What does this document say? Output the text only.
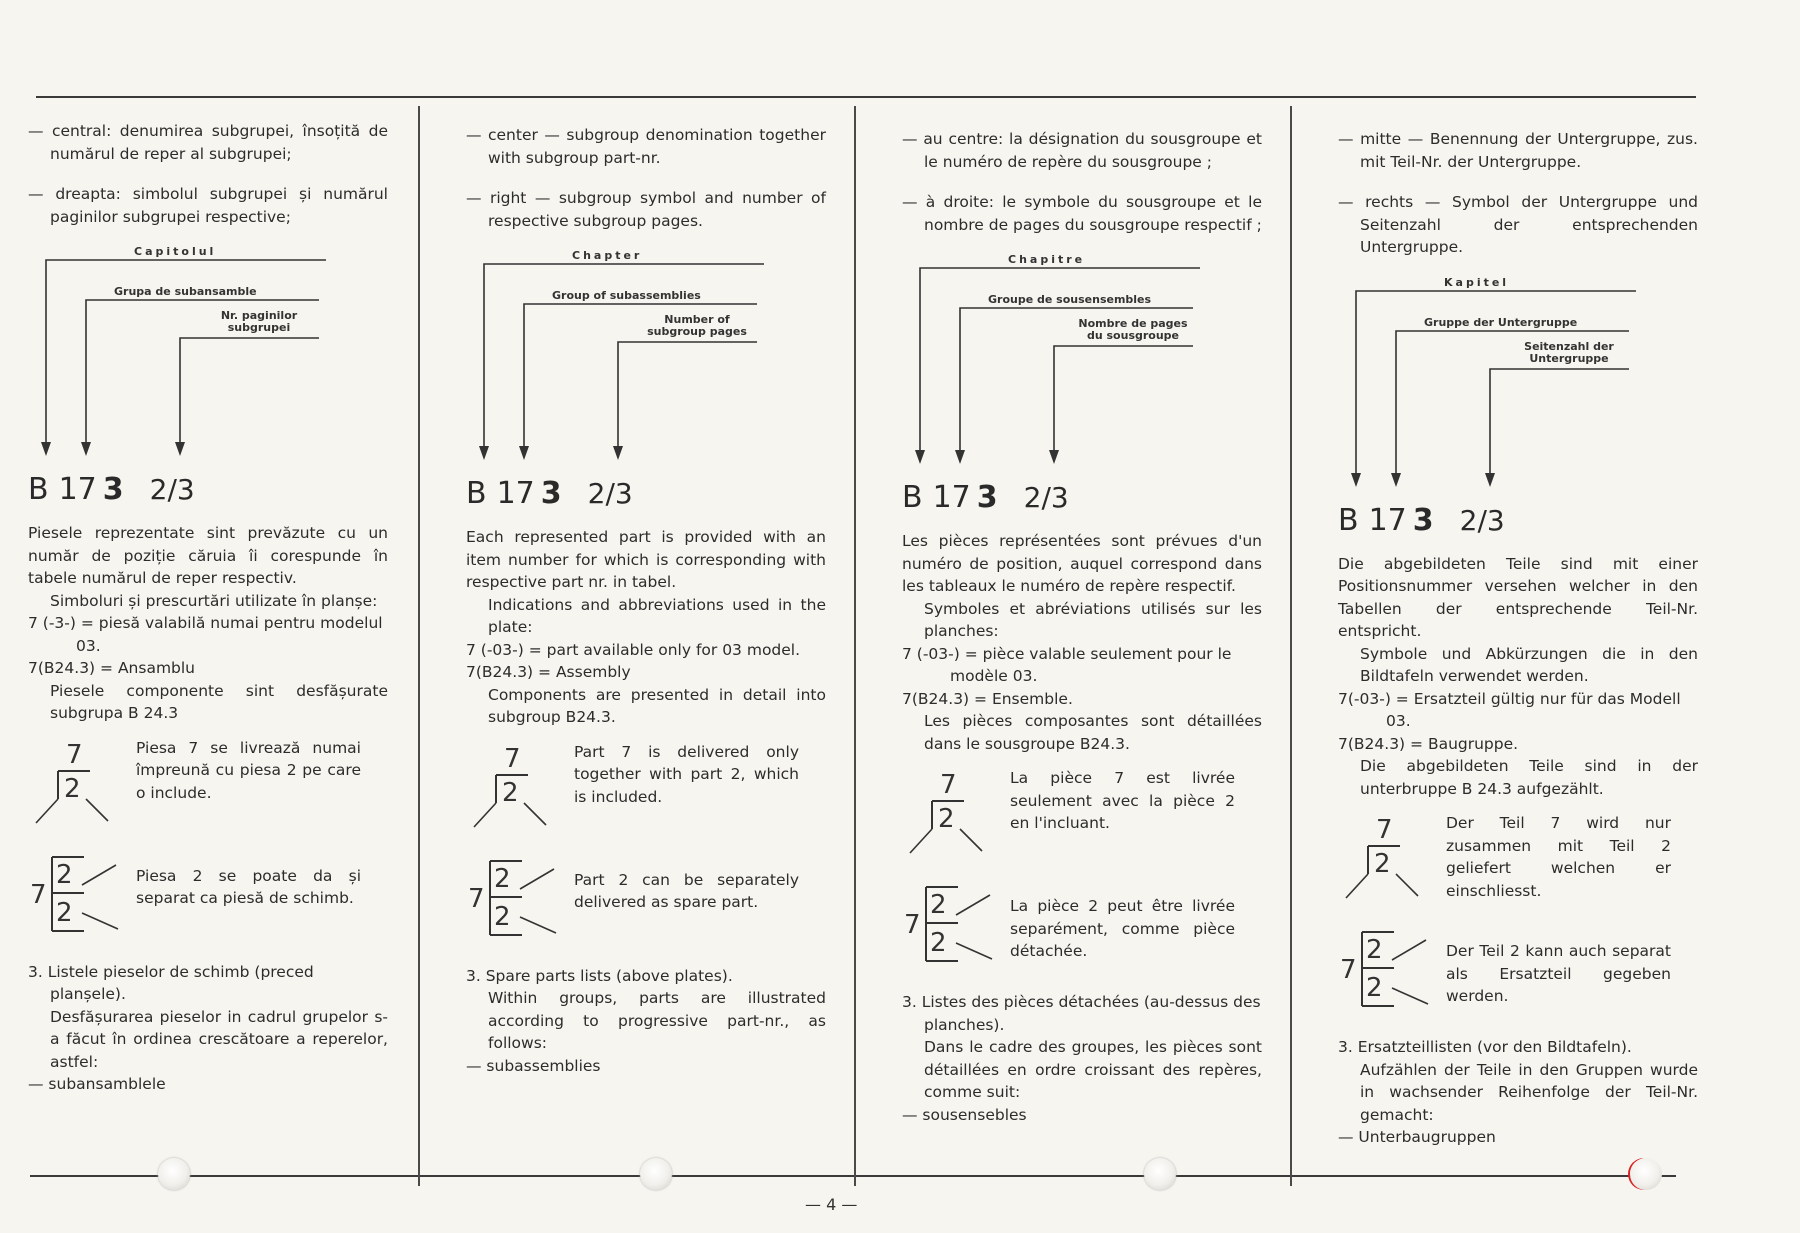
— 4 —

— central: denumirea subgrupei, însoțită de numărul de reper al subgrupei;

— dreapta: simbolul subgrupei și numărul paginilor subgrupei respective;

Capitolul
Grupa de subansamble
Nr. paginilor subgrupei
B 17 3 2/3

Piesele reprezentate sint prevăzute cu un număr de poziție căruia îi corespunde în tabele numărul de reper respectiv.

Simboluri și prescurtări utilizate în planșe:

7 (-3-) = piesă valabilă numai pentru modelul 03.

7(B24.3) = Ansamblu

Piesele componente sint desfășurate subgrupa B 24.3

7
2
Piesa 7 se livrează numai împreună cu piesa 2 pe care o include.
7
2
2
Piesa 2 se poate da și separat ca piesă de schimb.

3. Listele pieselor de schimb (preced planșele).

Desfășurarea pieselor in cadrul grupelor s-a făcut în ordinea crescătoare a reperelor, astfel:

— subansamblele

— center — subgroup denomination together with subgroup part-nr.

— right — subgroup symbol and number of respective subgroup pages.

Chapter
Group of subassemblies
Number of subgroup pages
B 17 3 2/3

Each represented part is provided with an item number for which is corresponding with respective part nr. in tabel.

Indications and abbreviations used in the plate:

7 (-03-) = part available only for 03 model.

7(B24.3) = Assembly

Components are presented in detail into subgroup B24.3.

7
2
Part 7 is delivered only together with part 2, which is included.
7
2
2
Part 2 can be separately delivered as spare part.

3. Spare parts lists (above plates).

Within groups, parts are illustrated according to progressive part-nr., as follows:

— subassemblies

— au centre: la désignation du sousgroupe et le numéro de repère du sousgroupe ;

— à droite: le symbole du sousgroupe et le nombre de pages du sousgroupe respectif ;

Chapitre
Groupe de sousensembles
Nombre de pages du sousgroupe
B 17 3 2/3

Les pièces représentées sont prévues d'un numéro de position, auquel correspond dans les tableaux le numéro de repère respectif.

Symboles et abréviations utilisés sur les planches:

7 (-03-) = pièce valable seulement pour le modèle 03.

7(B24.3) = Ensemble.

Les pièces composantes sont détaillées dans le sousgroupe B24.3.

7
2
La pièce 7 est livrée seulement avec la pièce 2 en l'incluant.
7
2
2
La pièce 2 peut être livrée separément, comme pièce détachée.

3. Listes des pièces détachées (au-dessus des planches).

Dans le cadre des groupes, les pièces sont détaillées en ordre croissant des repères, comme suit:

— sousensebles

— mitte — Benennung der Untergruppe, zus. mit Teil-Nr. der Untergruppe.

— rechts — Symbol der Untergruppe und Seitenzahl der entsprechenden Untergruppe.

Kapitel
Gruppe der Untergruppe
Seitenzahl der Untergruppe
B 17 3 2/3

Die abgebildeten Teile sind mit einer Positionsnummer versehen welcher in den Tabellen der entsprechende Teil-Nr. entspricht.

Symbole und Abkürzungen die in den Bildtafeln verwendet werden.

7(-03-) = Ersatzteil gültig nur für das Modell 03.

7(B24.3) = Baugruppe.

Die abgebildeten Teile sind in der unterbruppe B 24.3 aufgezählt.

7
2
Der Teil 7 wird nur zusammen mit Teil 2 geliefert welchen er einschliesst.
7
2
2
Der Teil 2 kann auch separat als Ersatzteil gegeben werden.

3. Ersatzteillisten (vor den Bildtafeln).

Aufzählen der Teile in den Gruppen wurde in wachsender Reihenfolge der Teil-Nr. gemacht:

— Unterbaugruppen
